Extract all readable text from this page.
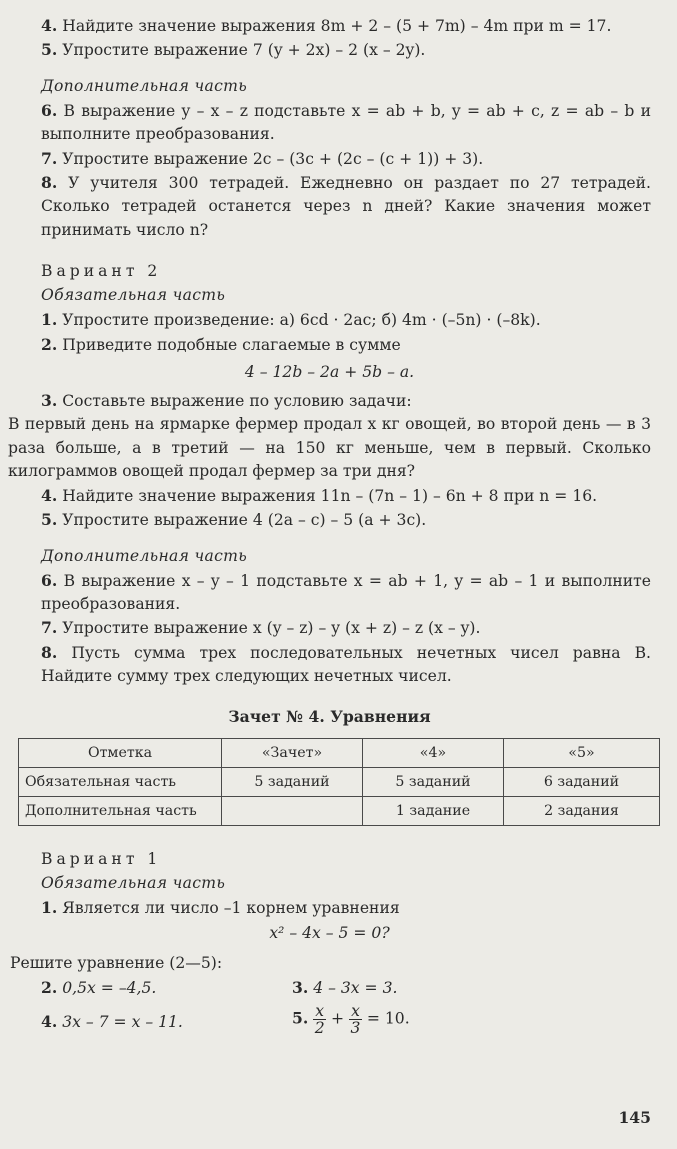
4. Найдите значение выражения 8m + 2 – (5 + 7m) – 4m при m = 17.

5. Упростите выражение 7 (y + 2x) – 2 (x – 2y).

Дополнительная часть

6. В выражение y – x – z подставьте x = ab + b, y = ab + c, z = ab – b и выполните преобразования.

7. Упростите выражение 2c – (3c + (2c – (c + 1)) + 3).

8. У учителя 300 тетрадей. Ежедневно он раздает по 27 тетрадей. Сколько тетрадей останется через n дней? Какие значения может принимать число n?

Вариант 2
Обязательная часть

1. Упростите произведение: а) 6cd · 2ac; б) 4m · (–5n) · (–8k).

2. Приведите подобные слагаемые в сумме

4 – 12b – 2a + 5b – a.

3. Составьте выражение по условию задачи:

В первый день на ярмарке фермер продал x кг овощей, во второй день — в 3 раза больше, а в третий — на 150 кг меньше, чем в первый. Сколько килограммов овощей продал фермер за три дня?

4. Найдите значение выражения 11n – (7n – 1) – 6n + 8 при n = 16.

5. Упростите выражение 4 (2a – c) – 5 (a + 3c).

Дополнительная часть

6. В выражение x – y – 1 подставьте x = ab + 1, y = ab – 1 и выполните преобразования.

7. Упростите выражение x (y – z) – y (x + z) – z (x – y).

8. Пусть сумма трех последовательных нечетных чисел равна B. Найдите сумму трех следующих нечетных чисел.

Зачет № 4. Уравнения
Отметка	«Зачет»	«4»	«5»
Обязательная часть	5 заданий	5 заданий	6 заданий
Дополнительная часть		1 задание	2 задания
Вариант 1
Обязательная часть

1. Является ли число –1 корнем уравнения

x² – 4x – 5 = 0?

Решите уравнение (2—5):

2. 0,5x = –4,5.	3. 4 – 3x = 3.
4. 3x – 7 = x – 11.	5. $\frac{x}{2} + \frac{x}{3} = 10$.
145
